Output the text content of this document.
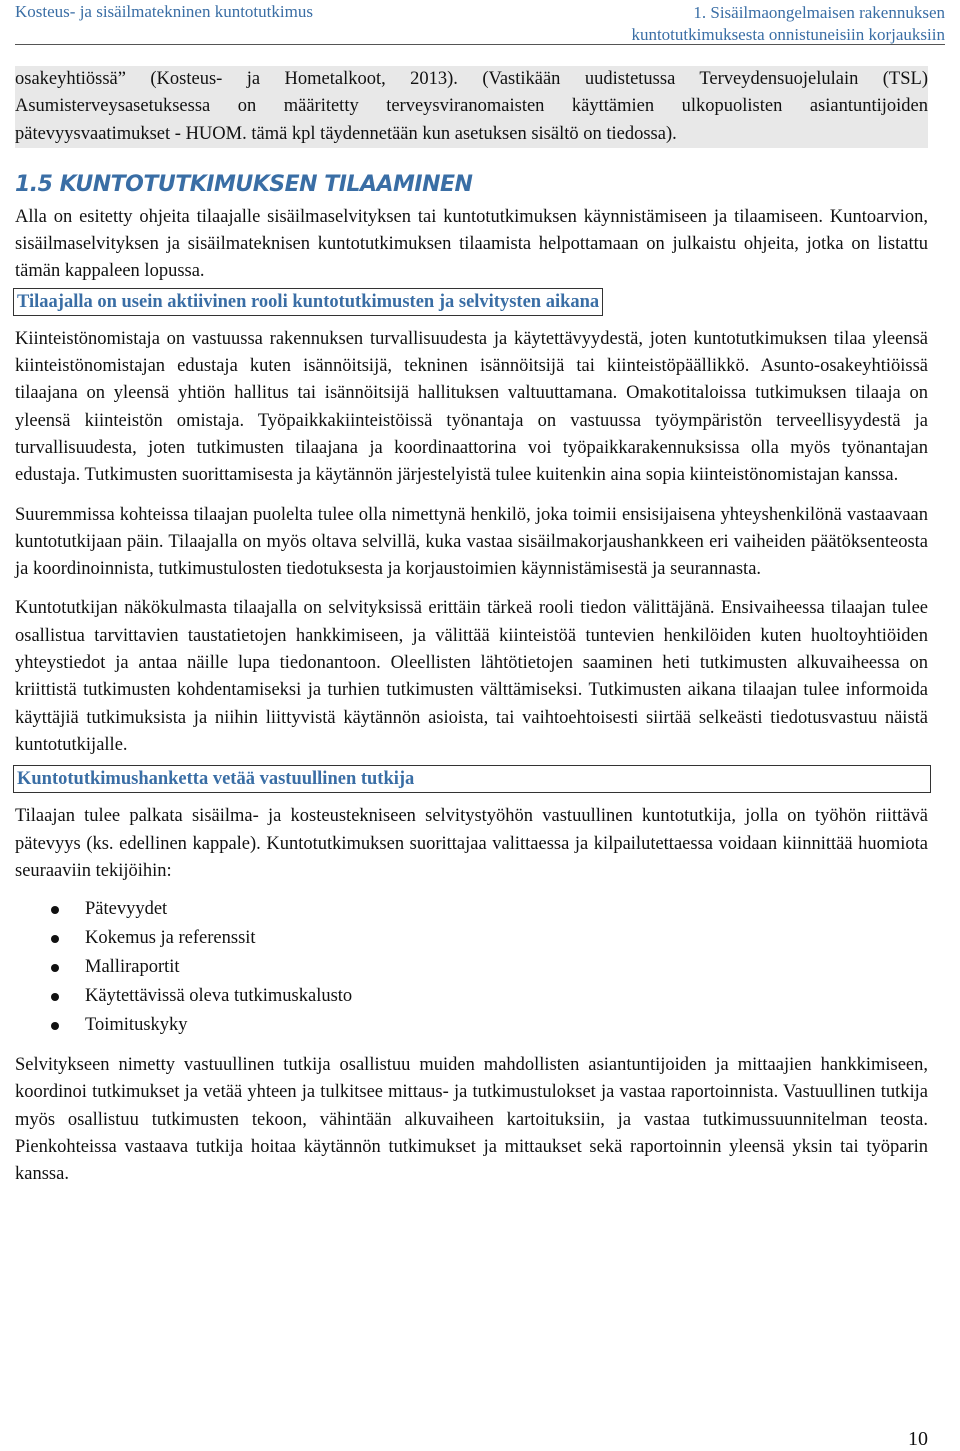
Kosteus- ja sisäilmatekninen kuntotutkimus	1. Sisäilmaongelmaisen rakennuksen
kuntotutkimuksesta onnistuneisiin korjauksiin

osakeyhtiössä” (Kosteus- ja Hometalkoot, 2013). (Vastikään uudistetussa Terveydensuojelulain (TSL) Asumisterveysasetuksessa on määritetty terveysviranomaisten käyttämien ulkopuolisten asiantuntijoiden pätevyysvaatimukset - HUOM. tämä kpl täydennetään kun asetuksen sisältö on tiedossa).

1.5 KUNTOTUTKIMUKSEN TILAAMINEN

Alla on esitetty ohjeita tilaajalle sisäilmaselvityksen tai kuntotutkimuksen käynnistämiseen ja tilaamiseen. Kuntoarvion, sisäilmaselvityksen ja sisäilmateknisen kuntotutkimuksen tilaamista helpottamaan on julkaistu ohjeita, jotka on listattu tämän kappaleen lopussa.

Tilaajalla on usein aktiivinen rooli kuntotutkimusten ja selvitysten aikana

Kiinteistönomistaja on vastuussa rakennuksen turvallisuudesta ja käytettävyydestä, joten kuntotutkimuksen tilaa yleensä kiinteistönomistajan edustaja kuten isännöitsijä, tekninen isännöitsijä tai kiinteistöpäällikkö. Asunto-osakeyhtiöissä tilaajana on yleensä yhtiön hallitus tai isännöitsijä hallituksen valtuuttamana. Omakotitaloissa tutkimuksen tilaaja on yleensä kiinteistön omistaja. Työpaikkakiinteistöissä työnantaja on vastuussa työympäristön terveellisyydestä ja turvallisuudesta, joten tutkimusten tilaajana ja koordinaattorina voi työpaikkarakennuksissa olla myös työnantajan edustaja. Tutkimusten suorittamisesta ja käytännön järjestelyistä tulee kuitenkin aina sopia kiinteistönomistajan kanssa.

Suuremmissa kohteissa tilaajan puolelta tulee olla nimettynä henkilö, joka toimii ensisijaisena yhteyshenkilönä vastaavaan kuntotutkijaan päin. Tilaajalla on myös oltava selvillä, kuka vastaa sisäilmakorjaushankkeen eri vaiheiden päätöksenteosta ja koordinoinnista, tutkimustulosten tiedotuksesta ja korjaustoimien käynnistämisestä ja seurannasta.

Kuntotutkijan näkökulmasta tilaajalla on selvityksissä erittäin tärkeä rooli tiedon välittäjänä. Ensivaiheessa tilaajan tulee osallistua tarvittavien taustatietojen hankkimiseen, ja välittää kiinteistöä tuntevien henkilöiden kuten huoltoyhtiöiden yhteystiedot ja antaa näille lupa tiedonantoon. Oleellisten lähtötietojen saaminen heti tutkimusten alkuvaiheessa on kriittistä tutkimusten kohdentamiseksi ja turhien tutkimusten välttämiseksi. Tutkimusten aikana tilaajan tulee informoida käyttäjiä tutkimuksista ja niihin liittyvistä käytännön asioista, tai vaihtoehtoisesti siirtää selkeästi tiedotusvastuu näistä kuntotutkijalle.

Kuntotutkimushanketta vetää vastuullinen tutkija

Tilaajan tulee palkata sisäilma- ja kosteustekniseen selvitystyöhön vastuullinen kuntotutkija, jolla on työhön riittävä pätevyys (ks. edellinen kappale). Kuntotutkimuksen suorittajaa valittaessa ja kilpailutettaessa voidaan kiinnittää huomiota seuraaviin tekijöihin:

Pätevyydet
Kokemus ja referenssit
Malliraportit
Käytettävissä oleva tutkimuskalusto
Toimituskyky

Selvitykseen nimetty vastuullinen tutkija osallistuu muiden mahdollisten asiantuntijoiden ja mittaajien hankkimiseen, koordinoi tutkimukset ja vetää yhteen ja tulkitsee mittaus- ja tutkimustulokset ja vastaa raportoinnista. Vastuullinen tutkija myös osallistuu tutkimusten tekoon, vähintään alkuvaiheen kartoituksiin, ja vastaa tutkimussuunnitelman teosta. Pienkohteissa vastaava tutkija hoitaa käytännön tutkimukset ja mittaukset sekä raportoinnin yleensä yksin tai työparin kanssa.

10
